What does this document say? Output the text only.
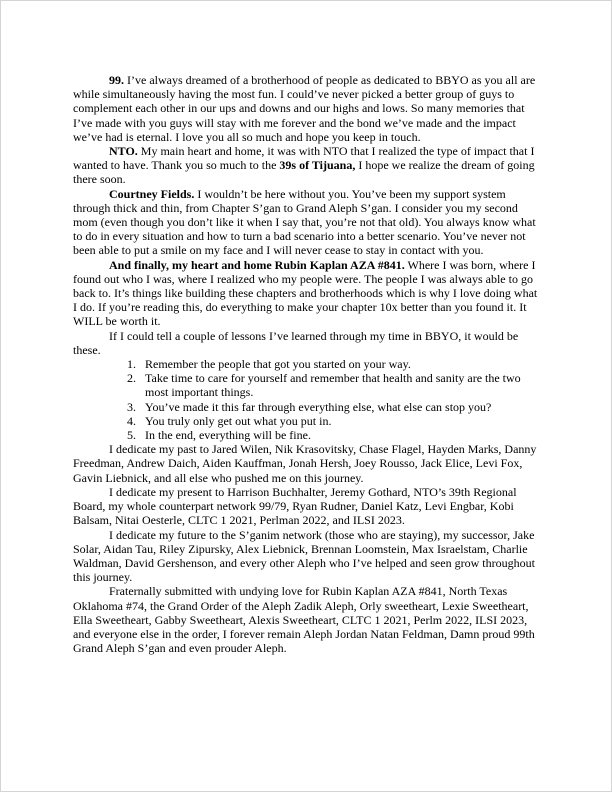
99. I’ve always dreamed of a brotherhood of people as dedicated to BBYO as you all are while simultaneously having the most fun. I could’ve never picked a better group of guys to complement each other in our ups and downs and our highs and lows. So many memories that I’ve made with you guys will stay with me forever and the bond we’ve made and the impact we’ve had is eternal. I love you all so much and hope you keep in touch.

NTO. My main heart and home, it was with NTO that I realized the type of impact that I wanted to have. Thank you so much to the 39s of Tijuana, I hope we realize the dream of going there soon.

Courtney Fields. I wouldn’t be here without you. You’ve been my support system through thick and thin, from Chapter S’gan to Grand Aleph S’gan. I consider you my second mom (even though you don’t like it when I say that, you’re not that old). You always know what to do in every situation and how to turn a bad scenario into a better scenario. You’ve never not been able to put a smile on my face and I will never cease to stay in contact with you.

And finally, my heart and home Rubin Kaplan AZA #841. Where I was born, where I found out who I was, where I realized who my people were. The people I was always able to go back to. It’s things like building these chapters and brotherhoods which is why I love doing what I do. If you’re reading this, do everything to make your chapter 10x better than you found it. It WILL be worth it.

If I could tell a couple of lessons I’ve learned through my time in BBYO, it would be these.

1. Remember the people that got you started on your way.
2. Take time to care for yourself and remember that health and sanity are the two most important things.
3. You’ve made it this far through everything else, what else can stop you?
4. You truly only get out what you put in.
5. In the end, everything will be fine.

I dedicate my past to Jared Wilen, Nik Krasovitsky, Chase Flagel, Hayden Marks, Danny Freedman, Andrew Daich, Aiden Kauffman, Jonah Hersh, Joey Rousso, Jack Elice, Levi Fox, Gavin Liebnick, and all else who pushed me on this journey.

I dedicate my present to Harrison Buchhalter, Jeremy Gothard, NTO’s 39th Regional Board, my whole counterpart network 99/79, Ryan Rudner, Daniel Katz, Levi Engbar, Kobi Balsam, Nitai Oesterle, CLTC 1 2021, Perlman 2022, and ILSI 2023.

I dedicate my future to the S’ganim network (those who are staying), my successor, Jake Solar, Aidan Tau, Riley Zipursky, Alex Liebnick, Brennan Loomstein, Max Israelstam, Charlie Waldman, David Gershenson, and every other Aleph who I’ve helped and seen grow throughout this journey.

Fraternally submitted with undying love for Rubin Kaplan AZA #841, North Texas Oklahoma #74, the Grand Order of the Aleph Zadik Aleph, Orly sweetheart, Lexie Sweetheart, Ella Sweetheart, Gabby Sweetheart, Alexis Sweetheart, CLTC 1 2021, Perlm 2022, ILSI 2023, and everyone else in the order, I forever remain Aleph Jordan Natan Feldman, Damn proud 99th Grand Aleph S’gan and even prouder Aleph.
